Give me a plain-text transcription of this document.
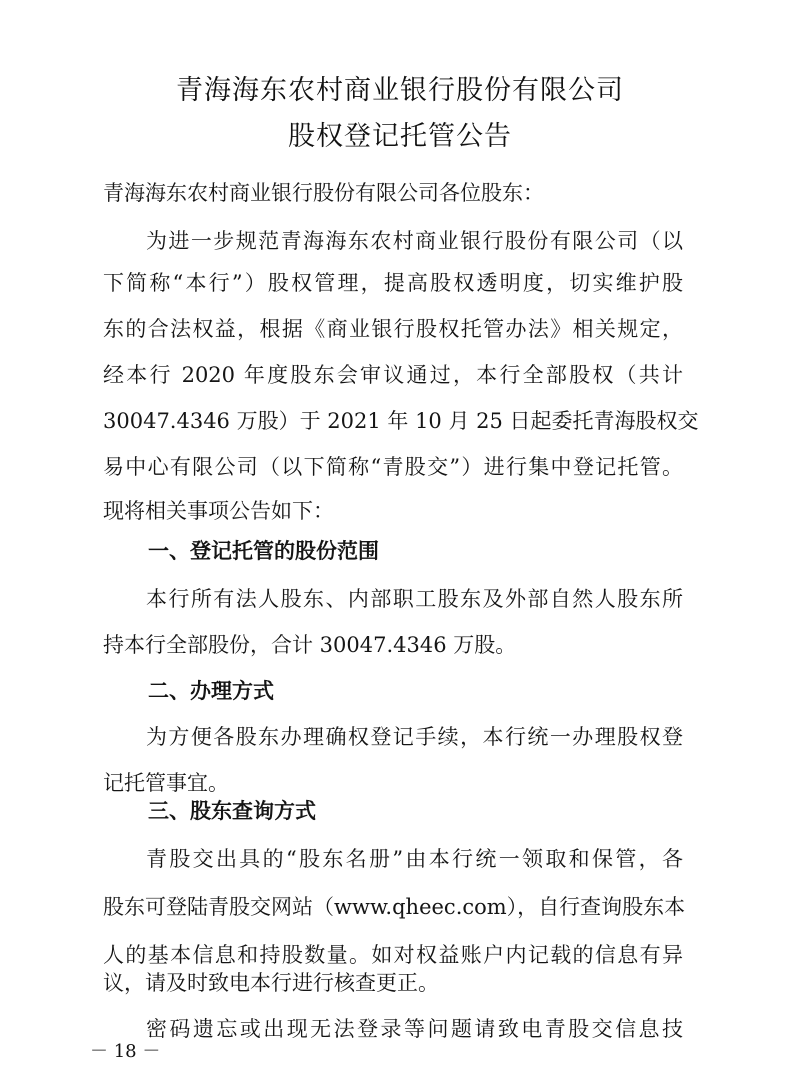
青海海东农村商业银行股份有限公司
股权登记托管公告
青海海东农村商业银行股份有限公司各位股东：
为进一步规范青海海东农村商业银行股份有限公司（以
下简称“本行”）股权管理，提高股权透明度，切实维护股
东的合法权益，根据《商业银行股权托管办法》相关规定，
经本行 2020 年度股东会审议通过，本行全部股权（共计
30047.4346 万股）于 2021 年 10 月 25 日起委托青海股权交
易中心有限公司（以下简称“青股交”）进行集中登记托管。
现将相关事项公告如下：
一、登记托管的股份范围
本行所有法人股东、内部职工股东及外部自然人股东所
持本行全部股份，合计 30047.4346 万股。
二、办理方式
为方便各股东办理确权登记手续，本行统一办理股权登
记托管事宜。
三、股东查询方式
青股交出具的“股东名册”由本行统一领取和保管，各
股东可登陆青股交网站（www.qheec.com），自行查询股东本
人的基本信息和持股数量。如对权益账户内记载的信息有异
议，请及时致电本行进行核查更正。
密码遗忘或出现无法登录等问题请致电青股交信息技
－ 18 －
